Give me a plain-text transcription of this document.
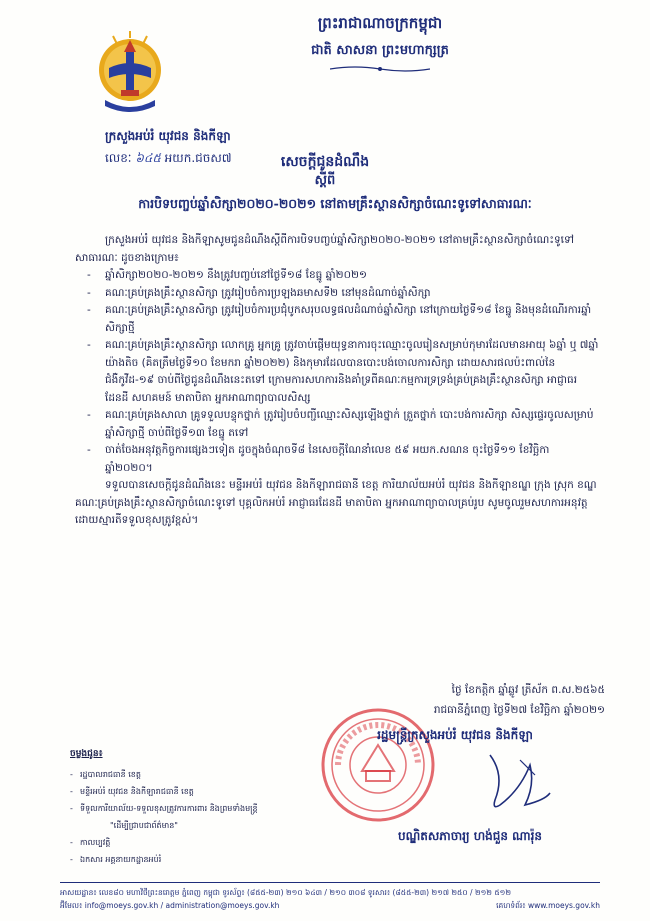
ព្រះរាជាណាចក្រកម្ពុជា
ជាតិ សាសនា ព្រះមហាក្សត្រ
ក្រសួងអប់រំ យុវជន និងកីឡា
លេខៈ ៦៤៥ អយក.ជចស៧	សេចក្ដីជូនដំណឹង
ស្ដីពី
ការបិទបញ្ចប់ឆ្នាំសិក្សា២០២០-២០២១ នៅតាមគ្រឹះស្ថានសិក្សាចំណេះទូទៅសាធារណៈ

ក្រសួងអប់រំ យុវជន និងកីឡាសូមជូនដំណឹងស្ដីពីការបិទបញ្ចប់ឆ្នាំសិក្សា២០២០-២០២១ នៅតាមគ្រឹះស្ថានសិក្សាចំណេះទូទៅសាធារណៈ ដូចខាងក្រោម៖

- ឆ្នាំសិក្សា២០២០-២០២១ នឹងត្រូវបញ្ចប់នៅថ្ងៃទី១៨ ខែធ្នូ ឆ្នាំ២០២១

- គណៈគ្រប់គ្រងគ្រឹះស្ថានសិក្សា ត្រូវរៀបចំការប្រឡងឆមាសទី២ នៅមុនដំណាច់ឆ្នាំសិក្សា

- គណៈគ្រប់គ្រងគ្រឹះស្ថានសិក្សា ត្រូវរៀបចំការប្រជុំបូកសរុបលទ្ធផលដំណាច់ឆ្នាំសិក្សា នៅក្រោយថ្ងៃទី១៨ ខែធ្នូ និងមុនដំណើរការឆ្នាំសិក្សាថ្មី

- គណៈគ្រប់គ្រងគ្រឹះស្ថានសិក្សា លោកគ្រូ អ្នកគ្រូ ត្រូវចាប់ផ្ដើមយុទ្ធនាការចុះឈ្មោះចូលរៀនសម្រាប់កុមារដែលមានអាយុ ៦ឆ្នាំ ឬ ៧ឆ្នាំ យ៉ាងតិច (គិតត្រឹមថ្ងៃទី១០ ខែមករា ឆ្នាំ២០២២) និងកុមារដែលបានបោះបង់ចោលការសិក្សា ដោយសារផលប៉ះពាល់នៃជំងឺកូវីដ-១៩ ចាប់ពីថ្ងៃជូនដំណឹងនេះតទៅ ក្រោមការសហការនិងគាំទ្រពីគណៈកម្មការទ្រទ្រង់គ្រប់គ្រងគ្រឹះស្ថានសិក្សា អាជ្ញាធរដែនដី សហគមន៍ មាតាបិតា អ្នកអាណាព្យាបាលសិស្ស

- គណៈគ្រប់គ្រងសាលា គ្រូទទួលបន្ទុកថ្នាក់ ត្រូវរៀបចំបញ្ជីឈ្មោះសិស្សឡើងថ្នាក់ ត្រួតថ្នាក់ បោះបង់ការសិក្សា សិស្សផ្ទេរចូលសម្រាប់ឆ្នាំសិក្សាថ្មី ចាប់ពីថ្ងៃទី១៣ ខែធ្នូ តទៅ

- ចាត់ចែងអនុវត្តកិច្ចការផ្សេងៗទៀត ដូចក្នុងចំណុចទី៨ នៃសេចក្ដីណែនាំលេខ ៥៩ អយក.សណន ចុះថ្ងៃទី១១ ខែវិច្ឆិកា ឆ្នាំ២០២០។

ទទួលបានសេចក្ដីជូនដំណឹងនេះ មន្ទីរអប់រំ យុវជន និងកីឡារាជធានី ខេត្ត ការិយាល័យអប់រំ យុវជន និងកីឡាខណ្ឌ ក្រុង ស្រុក ខណ្ឌ គណៈគ្រប់គ្រងគ្រឹះស្ថានសិក្សាចំណេះទូទៅ បុគ្គលិកអប់រំ អាជ្ញាធរដែនដី មាតាបិតា អ្នកអាណាព្យាបាលគ្រប់រូប សូមចូលរួមសហការអនុវត្តដោយស្មារតីទទួលខុសត្រូវខ្ពស់។

ថ្ងៃ ខែកត្តិក ឆ្នាំឆ្លូវ ត្រីស័ក ព.ស.២៥៦៥
រាជធានីភ្នំពេញ ថ្ងៃទី២៧ ខែវិច្ឆិកា ឆ្នាំ២០២១
រដ្ឋមន្ត្រីក្រសួងអប់រំ យុវជន និងកីឡា
បណ្ឌិតសភាចារ្យ ហង់ជួន ណារ៉ុន
ចម្លងជូន៖
- រដ្ឋបាលរាជធានី ខេត្ត
- មន្ទីរអប់រំ យុវជន និងកីឡារាជធានី ខេត្ត
- ទីទួលការីយាល័យ-ទទួលខុសត្រូវការការពារ និងព្រមទាំងមន្ត្រី
"ដើម្បីជ្រាបជាព័ត៌មាន"
- កាលប្បវត្តិ
- ឯកសារ អគ្គនាយកដ្ឋានអប់រំ
អាសយដ្ឋាន៖ លេខ៨០ មហាវិថីព្រះនរោត្តម ភ្នំពេញ កម្ពុជា ទូរស័ព្ទ៖ (៨៥៥-២៣) ២១០ ៦៤៣ / ២១០ ៣០៨ ទូរសារ៖ (៨៥៥-២៣) ២១៧ ២៥០ / ២១២ ៥១២
អ៊ីមែល៖ info@moeys.gov.kh / administration@moeys.gov.kh	គេហទំព័រ៖ www.moeys.gov.kh
